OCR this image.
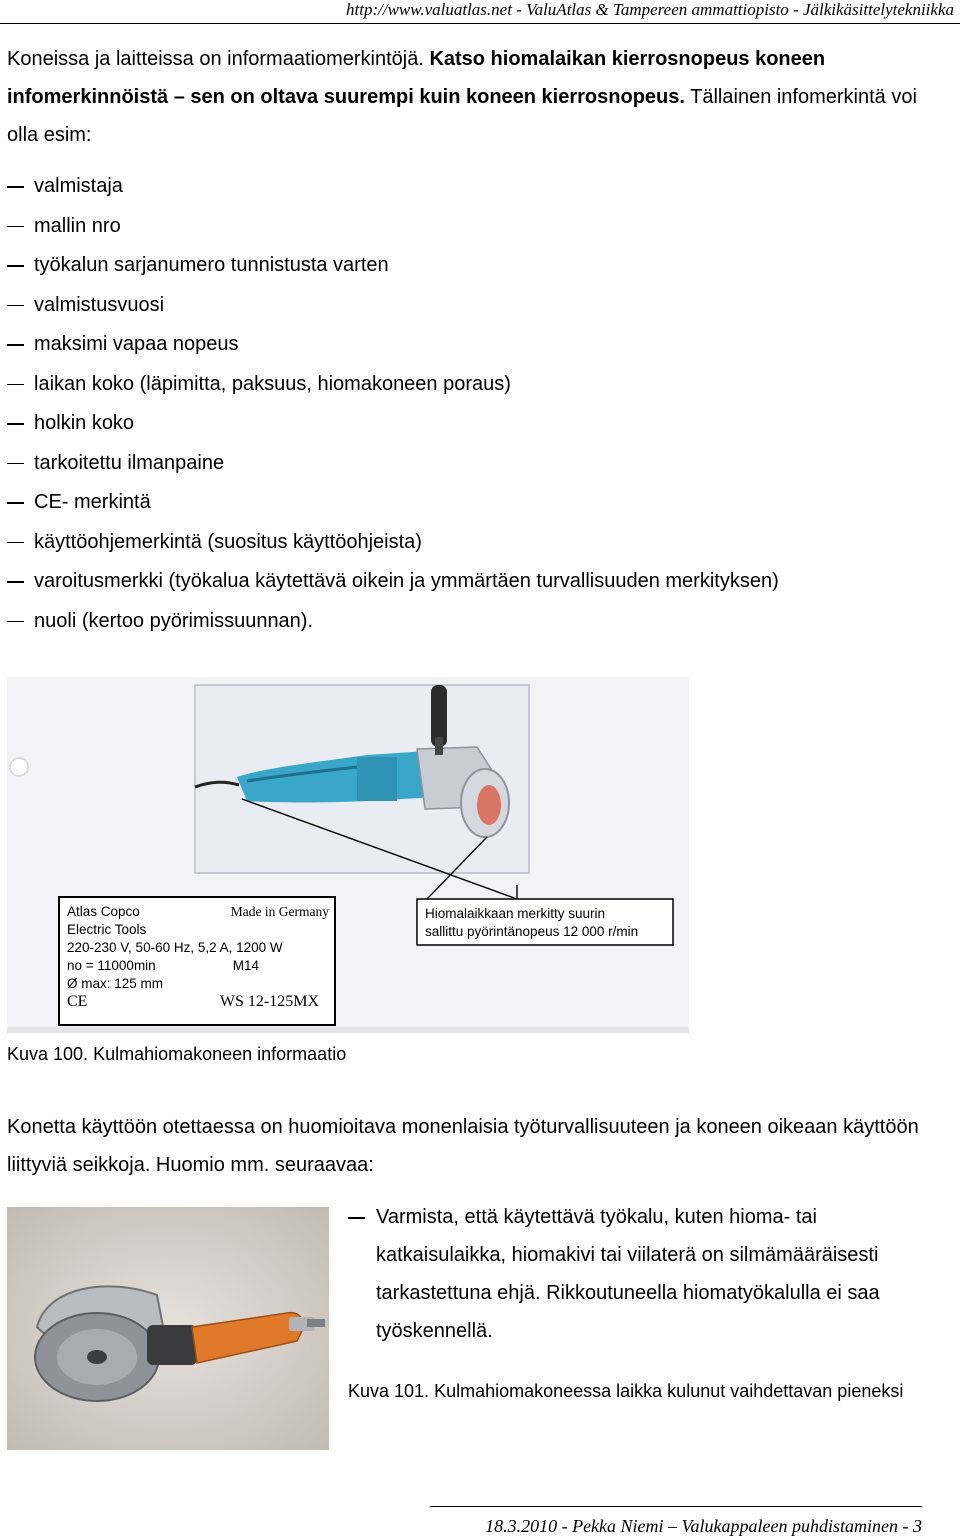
http://www.valuatlas.net - ValuAtlas & Tampereen ammattiopisto - Jälkikäsittelytekniikka
Koneissa ja laitteissa on informaatiomerkintöjä. Katso hiomalaikan kierrosnopeus koneen infomerkinnöistä – sen on oltava suurempi kuin koneen kierrosnopeus. Tällainen infomerkintä voi olla esim:
valmistaja
mallin nro
työkalun sarjanumero tunnistusta varten
valmistusvuosi
maksimi vapaa nopeus
laikan koko (läpimitta, paksuus, hiomakoneen poraus)
holkin koko
tarkoitettu ilmanpaine
CE- merkintä
käyttöohjemerkintä (suositus käyttöohjeista)
varoitusmerkki (työkalua käytettävä oikein ja ymmärtäen turvallisuuden merkityksen)
nuoli (kertoo pyörimissuunnan).
Atlas Copco	Made in Germany
Electric Tools
220-230 V, 50-60 Hz, 5,2 A, 1200 W
no = 11000min	M14
Ø max: 125 mm
CE	WS 12-125MX
Hiomalaikkaan merkitty suurin
sallittu pyörintänopeus 12 000 r/min
Kuva 100. Kulmahiomakoneen informaatio
Konetta käyttöön otettaessa on huomioitava monenlaisia työturvallisuuteen ja koneen oikeaan käyttöön liittyviä seikkoja. Huomio mm. seuraavaa:
Varmista, että käytettävä työkalu, kuten hioma- tai katkaisulaikka, hiomakivi tai viilaterä on silmämääräisesti tarkastettuna ehjä. Rikkoutuneella hiomatyökalulla ei saa työskennellä.
Kuva 101. Kulmahiomakoneessa laikka kulunut vaihdettavan pieneksi
18.3.2010 - Pekka Niemi – Valukappaleen puhdistaminen - 3
